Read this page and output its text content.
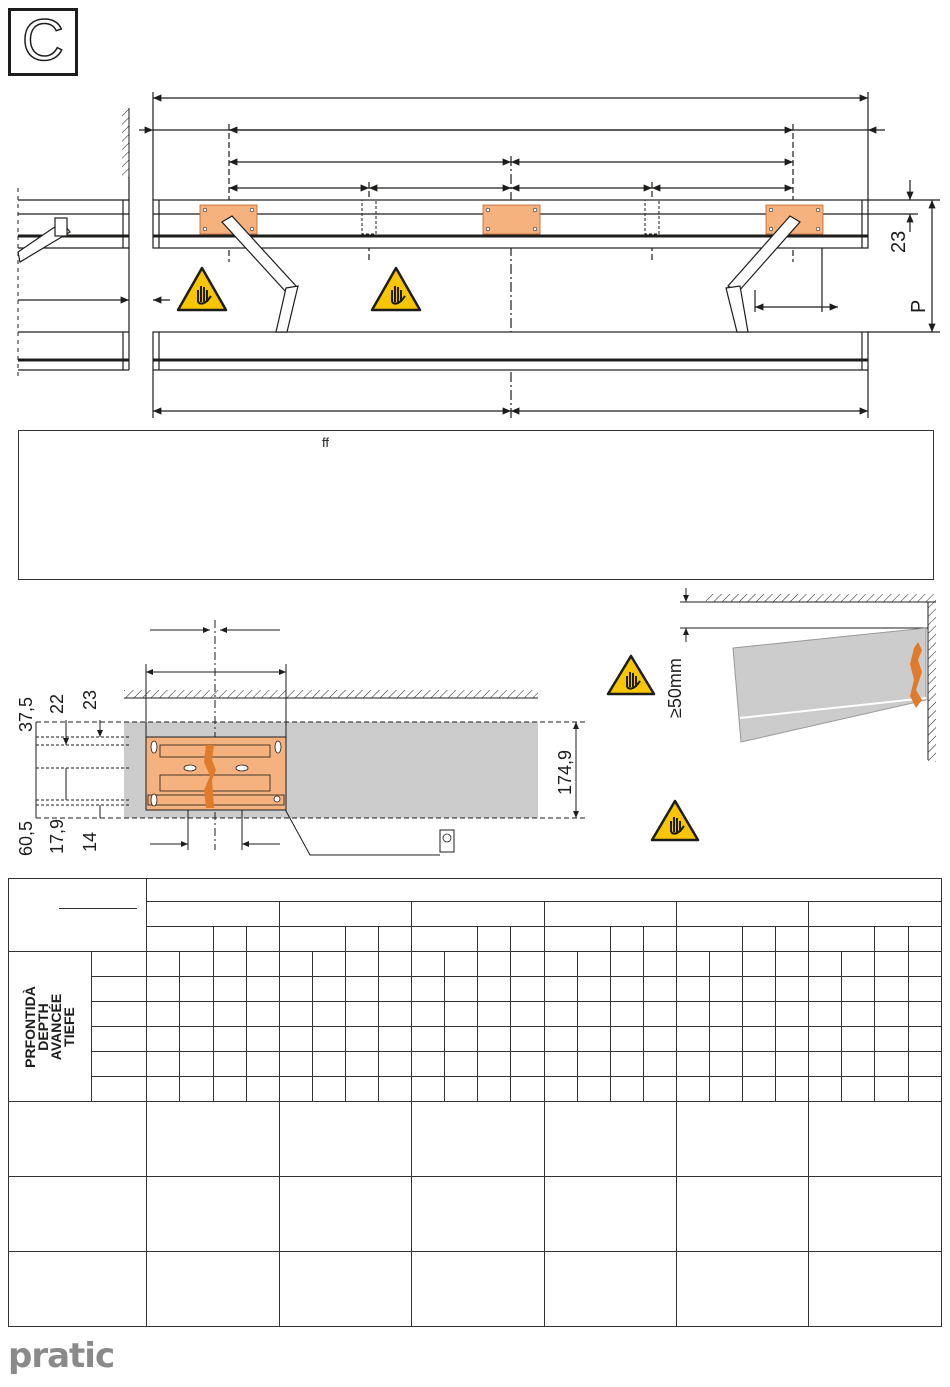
C
23
P
ff
37,5 22 23
60,5 17,9 14
174,9
≥50mm

PRFONTIDÀ
DEPTH
AVANCÉE
TIEFE																									

pratic
